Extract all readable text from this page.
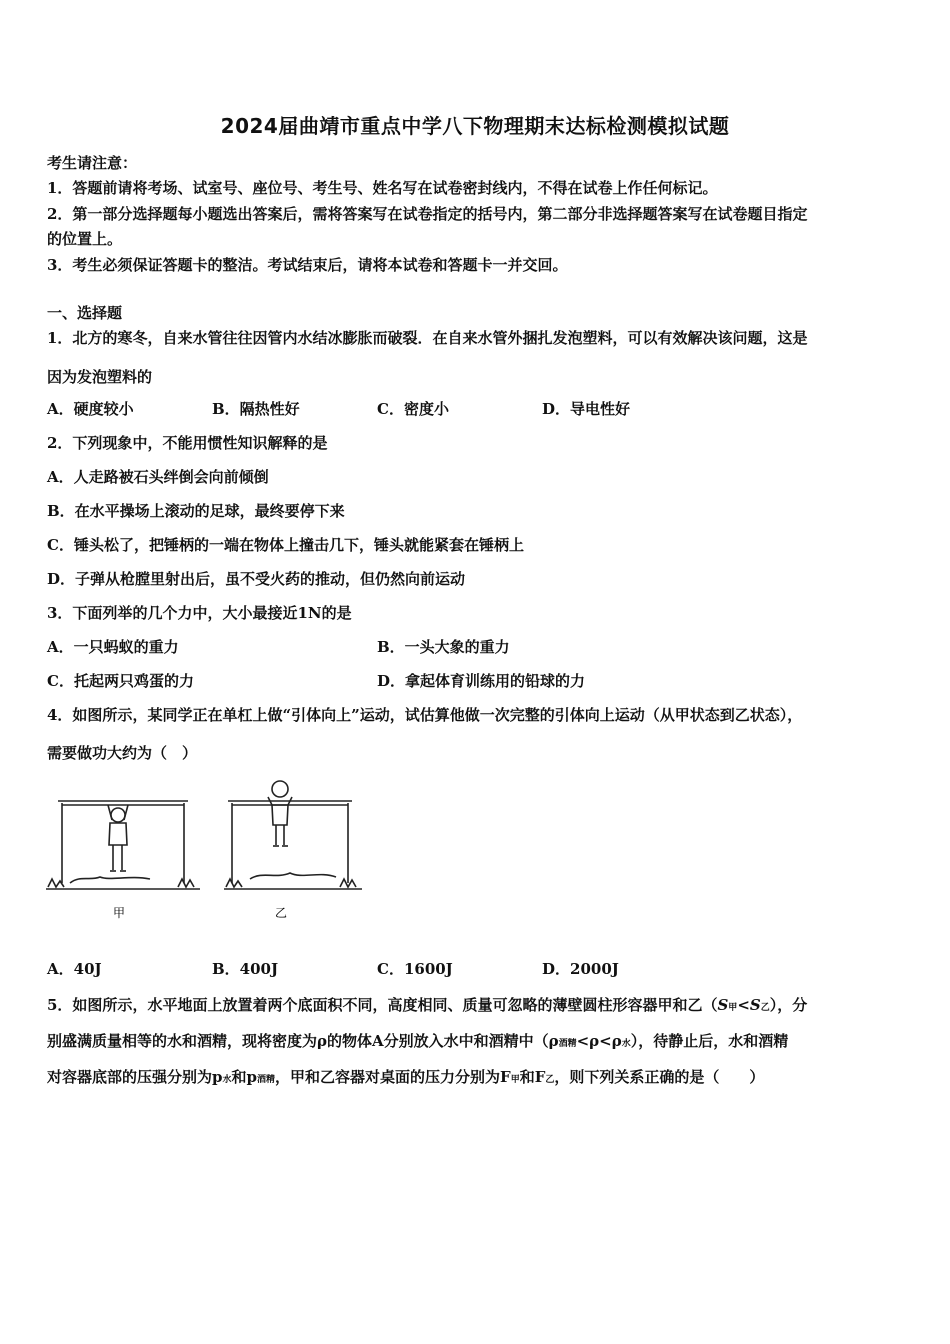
2024届曲靖市重点中学八下物理期末达标检测模拟试题
考生请注意：
1．答题前请将考场、试室号、座位号、考生号、姓名写在试卷密封线内，不得在试卷上作任何标记。
2．第一部分选择题每小题选出答案后，需将答案写在试卷指定的括号内，第二部分非选择题答案写在试卷题目指定
的位置上。
3．考生必须保证答题卡的整洁。考试结束后，请将本试卷和答题卡一并交回。
一、选择题
1．北方的寒冬，自来水管往往因管内水结冰膨胀而破裂．在自来水管外捆扎发泡塑料，可以有效解决该问题，这是
因为发泡塑料的
A．硬度较小	B．隔热性好	C．密度小	D．导电性好
2．下列现象中，不能用惯性知识解释的是
A．人走路被石头绊倒会向前倾倒
B．在水平操场上滚动的足球，最终要停下来
C．锤头松了，把锤柄的一端在物体上撞击几下，锤头就能紧套在锤柄上
D．子弹从枪膛里射出后，虽不受火药的推动，但仍然向前运动
3．下面列举的几个力中，大小最接近1N的是
A．一只蚂蚁的重力	B．一头大象的重力
C．托起两只鸡蛋的力	D．拿起体育训练用的铅球的力
4．如图所示，某同学正在单杠上做“引体向上”运动，试估算他做一次完整的引体向上运动（从甲状态到乙状态），
需要做功大约为（　）
甲	乙
A．40J	B．400J	C．1600J	D．2000J
5．如图所示，水平地面上放置着两个底面积不同，高度相同、质量可忽略的薄壁圆柱形容器甲和乙（S甲<S乙），分
别盛满质量相等的水和酒精，现将密度为ρ的物体A分别放入水中和酒精中（ρ酒精<ρ<ρ水），待静止后，水和酒精
对容器底部的压强分别为p水和p酒精，甲和乙容器对桌面的压力分别为F甲和F乙，则下列关系正确的是（　　）
